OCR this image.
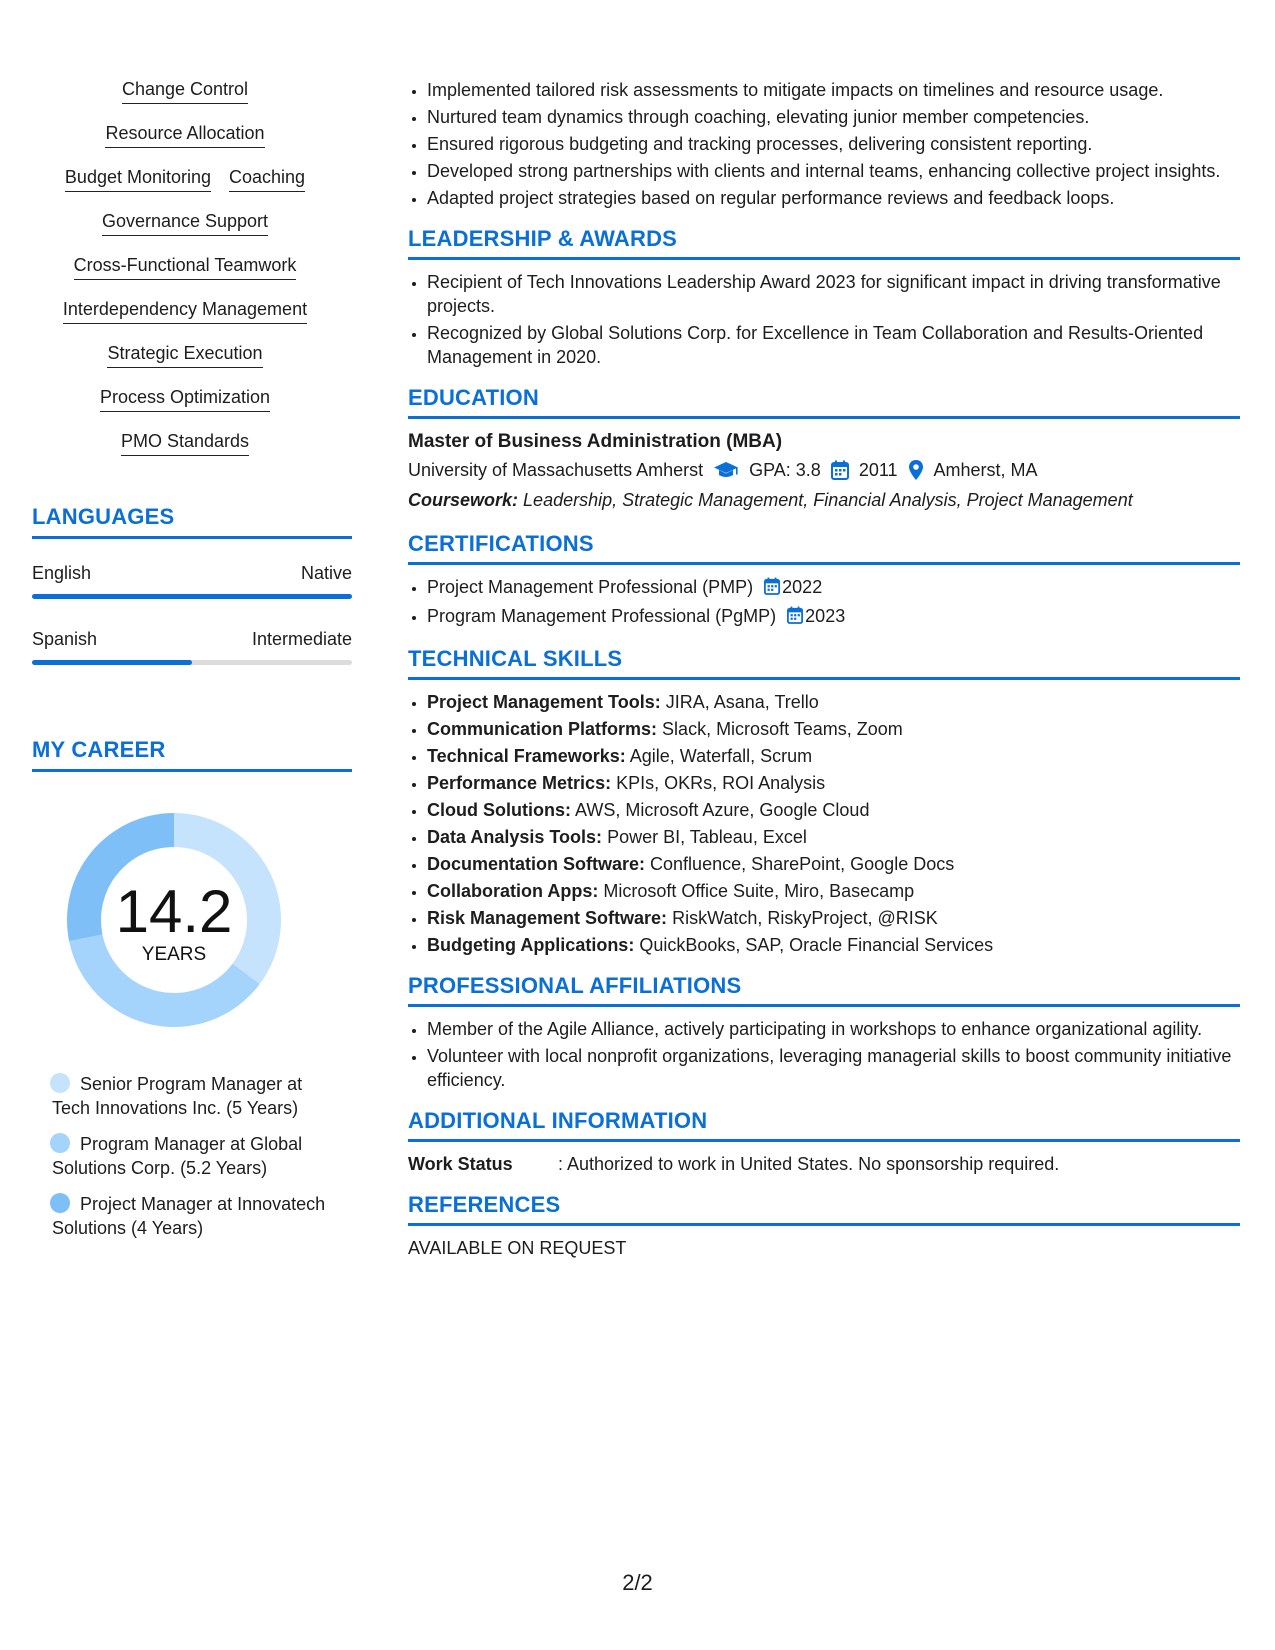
Change Control
Resource Allocation
Budget Monitoring Coaching
Governance Support
Cross-Functional Teamwork
Interdependency Management
Strategic Execution
Process Optimization
PMO Standards
LANGUAGES
English	Native
Spanish	Intermediate
MY CAREER
14.2
YEARS
Senior Program Manager at Tech Innovations Inc. (5 Years)
Program Manager at Global Solutions Corp. (5.2 Years)
Project Manager at Innovatech Solutions (4 Years)
• Implemented tailored risk assessments to mitigate impacts on timelines and resource usage.
• Nurtured team dynamics through coaching, elevating junior member competencies.
• Ensured rigorous budgeting and tracking processes, delivering consistent reporting.
• Developed strong partnerships with clients and internal teams, enhancing collective project insights.
• Adapted project strategies based on regular performance reviews and feedback loops.
LEADERSHIP & AWARDS
• Recipient of Tech Innovations Leadership Award 2023 for significant impact in driving transformative projects.
• Recognized by Global Solutions Corp. for Excellence in Team Collaboration and Results-Oriented Management in 2020.
EDUCATION
Master of Business Administration (MBA)
University of Massachusetts Amherst	GPA: 3.8 2011 Amherst, MA
Coursework:
Leadership, Strategic Management, Financial Analysis, Project Management
CERTIFICATIONS
• Project Management Professional (PMP) 2022
• Program Management Professional (PgMP) 2023
TECHNICAL SKILLS
• Project Management Tools: JIRA, Asana, Trello
• Communication Platforms: Slack, Microsoft Teams, Zoom
• Technical Frameworks: Agile, Waterfall, Scrum
• Performance Metrics: KPIs, OKRs, ROI Analysis
• Cloud Solutions: AWS, Microsoft Azure, Google Cloud
• Data Analysis Tools: Power BI, Tableau, Excel
• Documentation Software: Confluence, SharePoint, Google Docs
• Collaboration Apps: Microsoft Office Suite, Miro, Basecamp
• Risk Management Software: RiskWatch, RiskyProject, @RISK
• Budgeting Applications: QuickBooks, SAP, Oracle Financial Services
PROFESSIONAL AFFILIATIONS
• Member of the Agile Alliance, actively participating in workshops to enhance organizational agility.
• Volunteer with local nonprofit organizations, leveraging managerial skills to boost community initiative efficiency.
ADDITIONAL INFORMATION
Work Status	: Authorized to work in United States. No sponsorship required.
REFERENCES
AVAILABLE ON REQUEST
2/2
